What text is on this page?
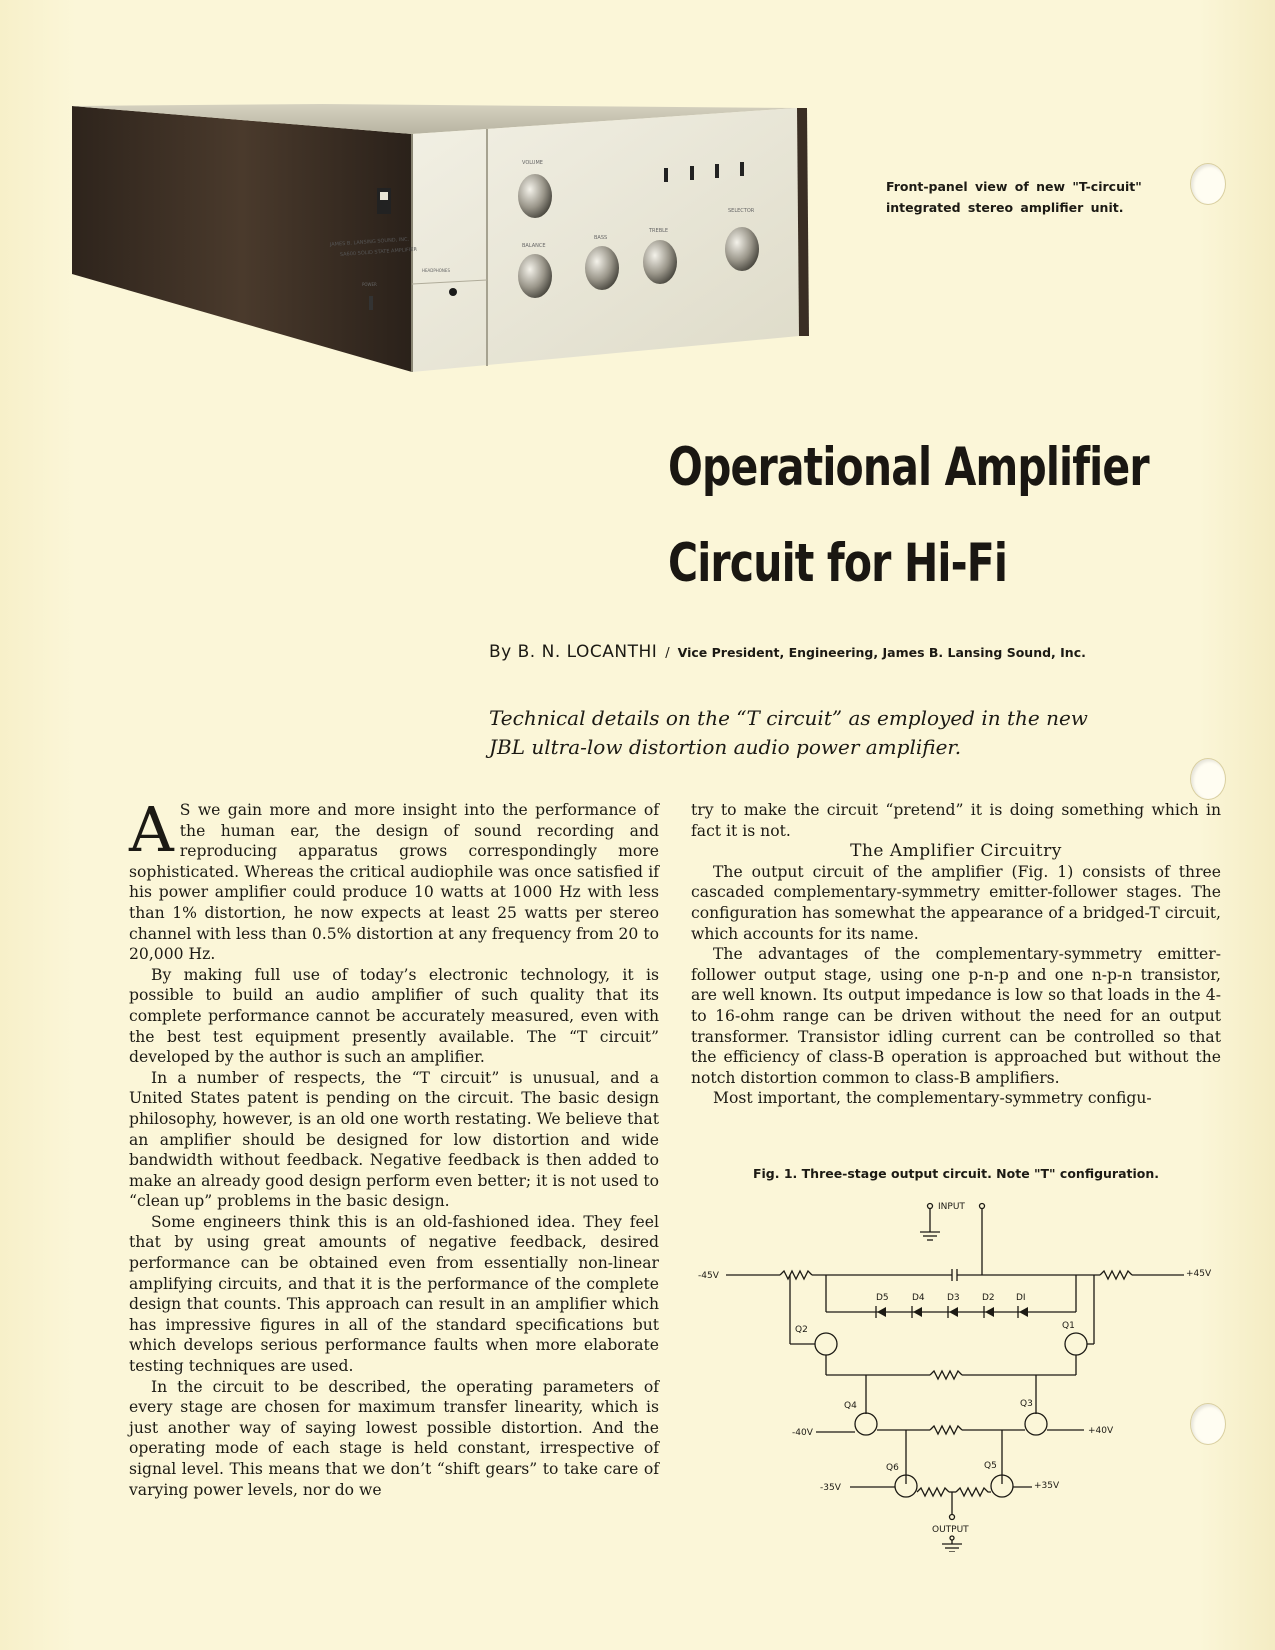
JAMES B. LANSING SOUND, INC.
SA600 SOLID STATE AMPLIFIER
POWER
HEADPHONES
VOLUME
BALANCE
BASS
TREBLE
SELECTOR
Front-panel view of new "T-circuit" integrated stereo amplifier unit.
Operational Amplifier
Circuit for Hi-Fi
By B. N. LOCANTHI / Vice President, Engineering, James B. Lansing Sound, Inc.
Technical details on the “T circuit” as employed in the new JBL ultra-low distortion audio power amplifier.

A S we gain more and more insight into the performance of the human ear, the design of sound recording and reproducing apparatus grows correspondingly more sophisticated. Whereas the critical audiophile was once satisfied if his power amplifier could produce 10 watts at 1000 Hz with less than 1% distortion, he now expects at least 25 watts per stereo channel with less than 0.5% distortion at any frequency from 20 to 20,000 Hz.

By making full use of today’s electronic technology, it is possible to build an audio amplifier of such quality that its complete performance cannot be accurately measured, even with the best test equipment presently available. The “T circuit” developed by the author is such an amplifier.

In a number of respects, the “T circuit” is unusual, and a United States patent is pending on the circuit. The basic design philosophy, however, is an old one worth restating. We believe that an amplifier should be designed for low distortion and wide bandwidth without feedback. Negative feedback is then added to make an already good design perform even better; it is not used to “clean up” problems in the basic design.

Some engineers think this is an old-fashioned idea. They feel that by using great amounts of negative feedback, desired performance can be obtained even from essentially non-linear amplifying circuits, and that it is the performance of the complete design that counts. This approach can result in an amplifier which has impressive figures in all of the standard specifications but which develops serious performance faults when more elaborate testing techniques are used.

In the circuit to be described, the operating parameters of every stage are chosen for maximum transfer linearity, which is just another way of saying lowest possible distortion. And the operating mode of each stage is held constant, irrespective of signal level. This means that we don’t “shift gears” to take care of varying power levels, nor do we

try to make the circuit “pretend” it is doing something which in fact it is not.

The Amplifier Circuitry

The output circuit of the amplifier (Fig. 1) consists of three cascaded complementary-symmetry emitter-follower stages. The configuration has somewhat the appearance of a bridged-T circuit, which accounts for its name.

The advantages of the complementary-symmetry emitter-follower output stage, using one p-n-p and one n-p-n transistor, are well known. Its output impedance is low so that loads in the 4- to 16-ohm range can be driven without the need for an output transformer. Transistor idling current can be controlled so that the efficiency of class-B operation is approached but without the notch distortion common to class-B amplifiers.

Most important, the complementary-symmetry configu-

Fig. 1. Three-stage output circuit. Note "T" configuration.
INPUT
-45V	+45V
D5	D4 D3 D2 DI
Q2	Q1
Q4	Q3
-40V	+40V
Q6	Q5
-35V	+35V
OUTPUT
